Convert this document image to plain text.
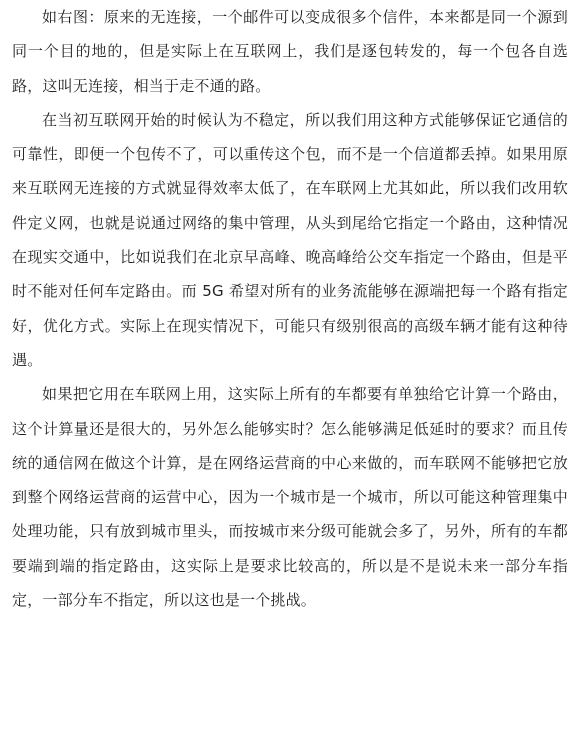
如右图：原来的无连接，一个邮件可以变成很多个信件，本来都是同一个源到同一个目的地的，但是实际上在互联网上，我们是逐包转发的，每一个包各自选路，这叫无连接，相当于走不通的路。

在当初互联网开始的时候认为不稳定，所以我们用这种方式能够保证它通信的可靠性，即便一个包传不了，可以重传这个包，而不是一个信道都丢掉。如果用原来互联网无连接的方式就显得效率太低了，在车联网上尤其如此，所以我们改用软件定义网，也就是说通过网络的集中管理，从头到尾给它指定一个路由，这种情况在现实交通中，比如说我们在北京早高峰、晚高峰给公交车指定一个路由，但是平时不能对任何车定路由。而 5G 希望对所有的业务流能够在源端把每一个路有指定好，优化方式。实际上在现实情况下，可能只有级别很高的高级车辆才能有这种待遇。

如果把它用在车联网上用，这实际上所有的车都要有单独给它计算一个路由，这个计算量还是很大的，另外怎么能够实时？怎么能够满足低延时的要求？而且传统的通信网在做这个计算，是在网络运营商的中心来做的，而车联网不能够把它放到整个网络运营商的运营中心，因为一个城市是一个城市，所以可能这种管理集中处理功能，只有放到城市里头，而按城市来分级可能就会多了，另外，所有的车都要端到端的指定路由，这实际上是要求比较高的，所以是不是说未来一部分车指定，一部分车不指定，所以这也是一个挑战。
